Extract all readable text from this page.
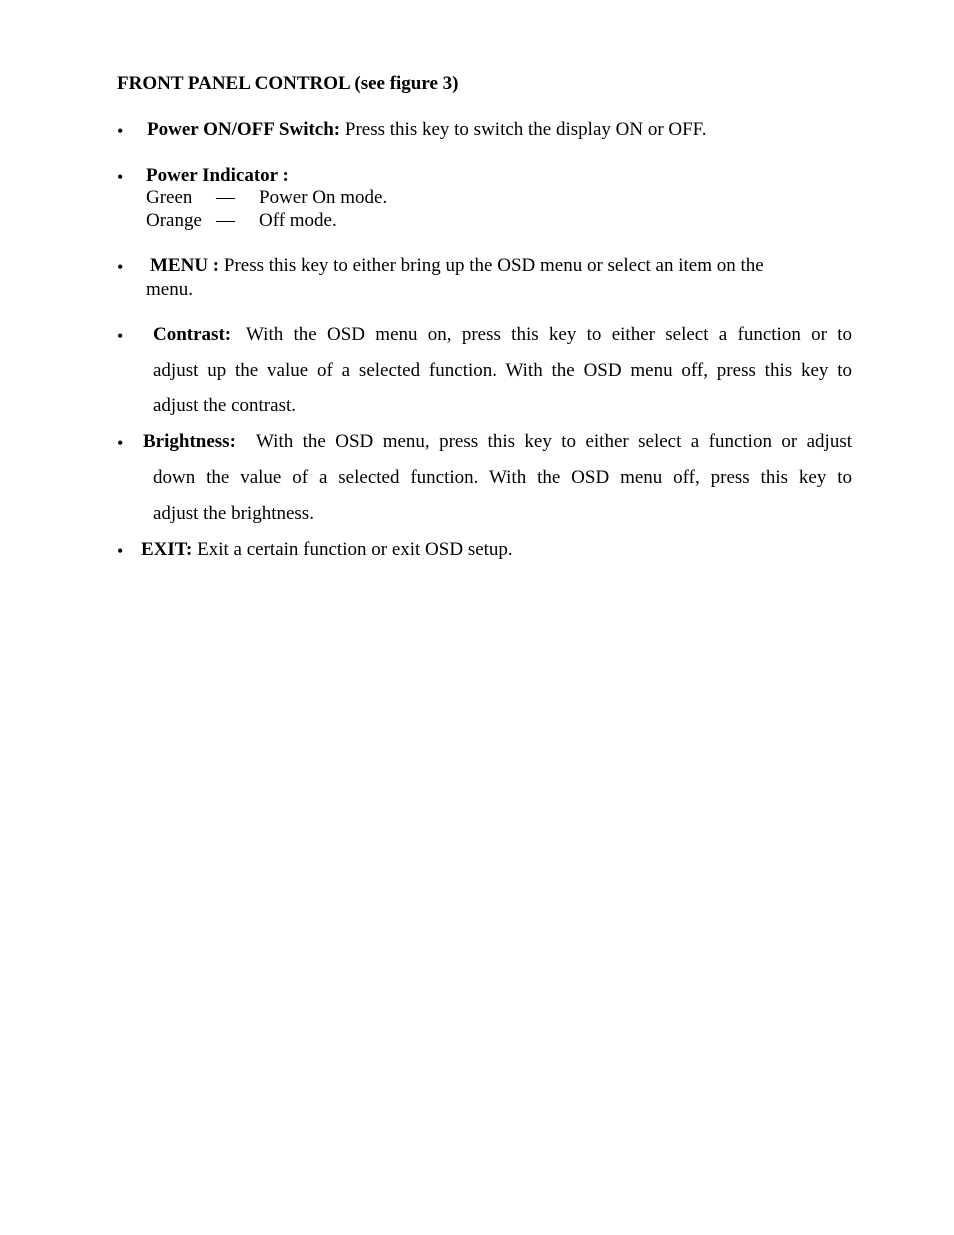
FRONT PANEL CONTROL (see figure 3)
• Power ON/OFF Switch: Press this key to switch the display ON or OFF.
• Power Indicator :
Green — Power On mode.
Orange — Off mode.
• MENU : Press this key to either bring up the OSD menu or select an item on the
menu.
• Contrast: With the OSD menu on, press this key to either select a function or to
adjust up the value of a selected function. With the OSD menu off, press this key to
adjust the contrast.
• Brightness: With the OSD menu, press this key to either select a function or adjust
down the value of a selected function. With the OSD menu off, press this key to
adjust the brightness.
• EXIT: Exit a certain function or exit OSD setup.
